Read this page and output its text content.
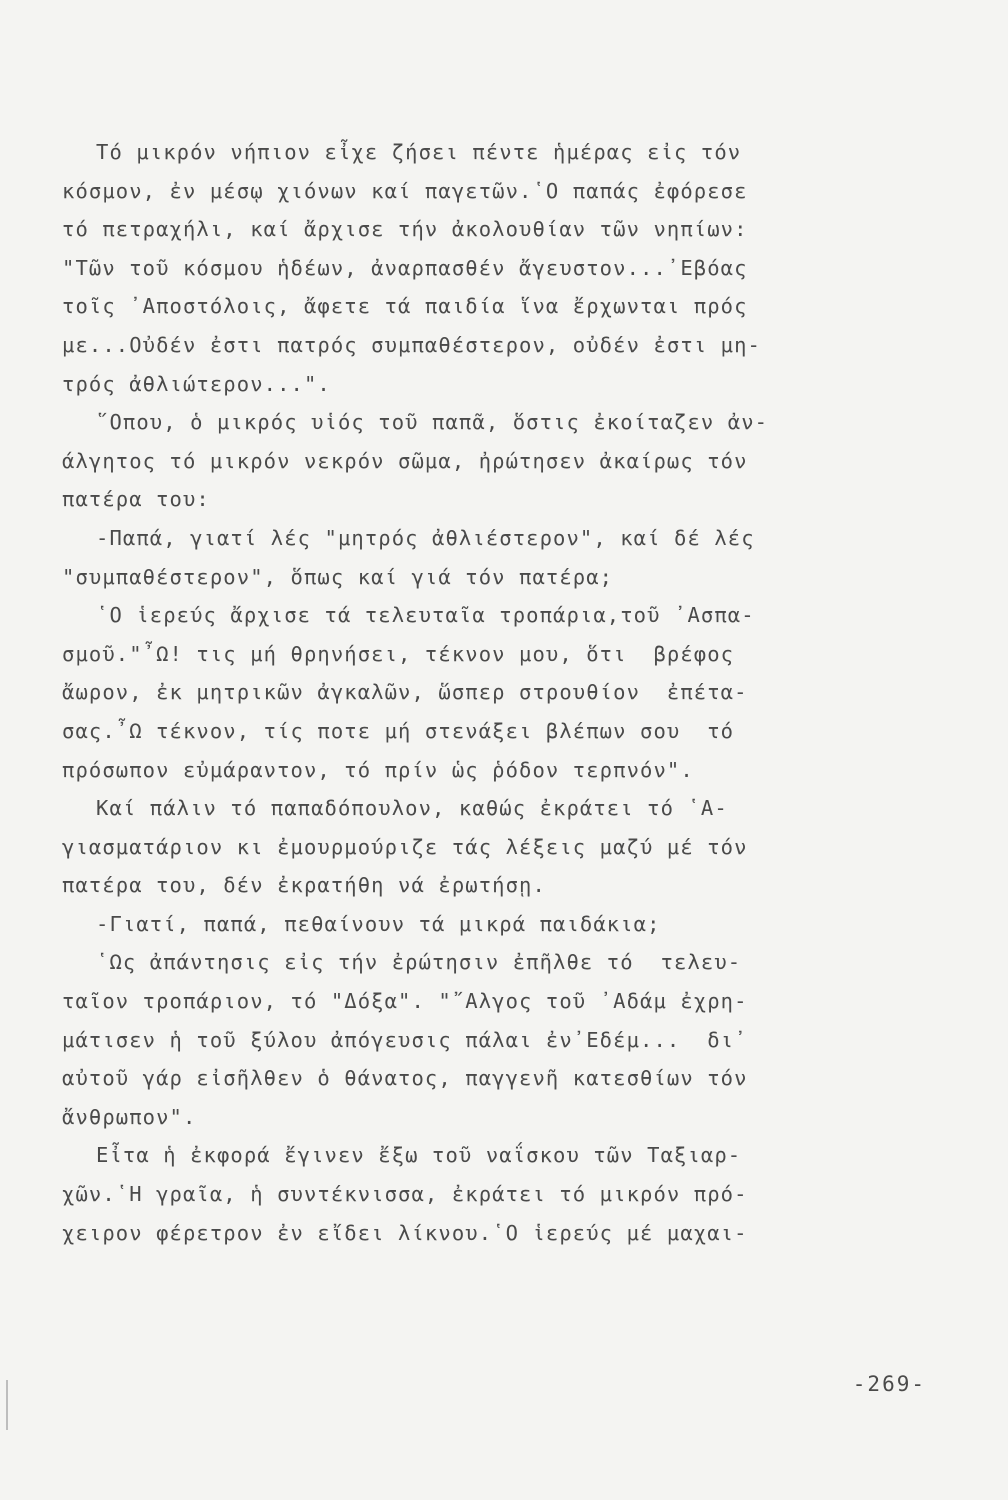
Τό μικρόν νήπιον εἶχε ζήσει πέντε ἡμέρας εἰς τόν
κόσμον, ἐν μέσῳ χιόνων καί παγετῶν.῾Ο παπάς ἐφόρεσε
τό πετραχήλι, καί ἄρχισε τήν ἀκολουθίαν τῶν νηπίων:
"Τῶν τοῦ κόσμου ἡδέων, ἀναρπασθέν ἄγευστον...᾽Εβόας
τοῖς ᾽Αποστόλοις, ἄφετε τά παιδία ἵνα ἔρχωνται πρός
με...Οὐδέν ἐστι πατρός συμπαθέστερον, οὐδέν ἐστι μη-
τρός ἀθλιώτερον...".
῞Οπου, ὁ μικρός υἱός τοῦ παπᾶ, ὅστις ἐκοίταζεν ἀν-
άλγητος τό μικρόν νεκρόν σῶμα, ἠρώτησεν ἀκαίρως τόν
πατέρα του:
-Παπά, γιατί λές "μητρός ἀθλιέστερον", καί δέ λές
"συμπαθέστερον", ὅπως καί γιά τόν πατέρα;
῾Ο ἱερεύς ἄρχισε τά τελευταῖα τροπάρια,τοῦ ᾽Ασπα-
σμοῦ."῏Ω! τις μή θρηνήσει, τέκνον μου, ὅτι  βρέφος
ἄωρον, ἐκ μητρικῶν ἀγκαλῶν, ὥσπερ στρουθίον  ἐπέτα-
σας.῏Ω τέκνον, τίς ποτε μή στενάξει βλέπων σου  τό
πρόσωπον εὐμάραντον, τό πρίν ὡς ῥόδον τερπνόν".
Καί πάλιν τό παπαδόπουλον, καθώς ἐκράτει τό ῾Α-
γιασματάριον κι ἐμουρμούριζε τάς λέξεις μαζύ μέ τόν
πατέρα του, δέν ἐκρατήθη νά ἐρωτήσῃ.
-Γιατί, παπά, πεθαίνουν τά μικρά παιδάκια;
῾Ως ἀπάντησις εἰς τήν ἐρώτησιν ἐπῆλθε τό  τελευ-
ταῖον τροπάριον, τό "Δόξα". "῎Αλγος τοῦ ᾽Αδάμ ἐχρη-
μάτισεν ἡ τοῦ ξύλου ἀπόγευσις πάλαι ἐν᾽Εδέμ...  δι᾽
αὐτοῦ γάρ εἰσῆλθεν ὁ θάνατος, παγγενῆ κατεσθίων τόν
ἄνθρωπον".
Εἶτα ἡ ἐκφορά ἔγινεν ἔξω τοῦ ναΐσκου τῶν Ταξιαρ-
χῶν.῾Η γραῖα, ἡ συντέκνισσα, ἐκράτει τό μικρόν πρό-
χειρον φέρετρον ἐν εἴδει λίκνου.῾Ο ἱερεύς μέ μαχαι-
-269-
